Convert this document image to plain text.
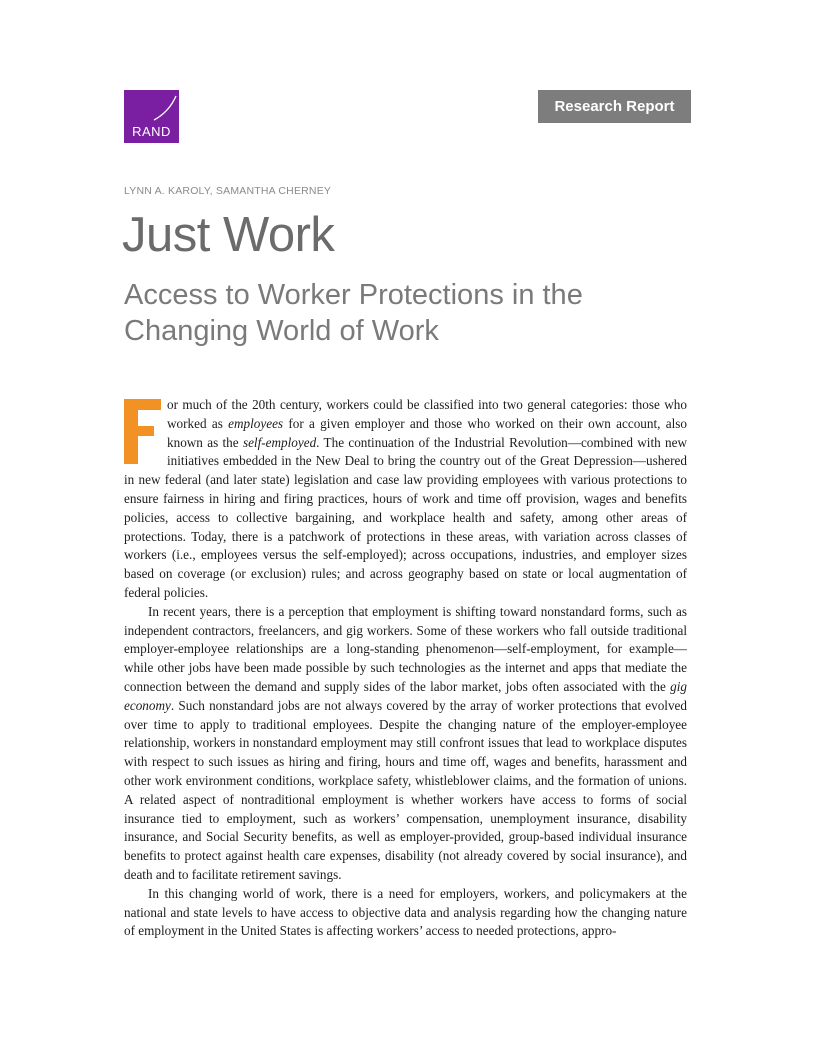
RAND
Research Report
LYNN A. KAROLY, SAMANTHA CHERNEY
Just Work
Access to Worker Protections in the Changing World of Work

or much of the 20th century, workers could be classified into two general categories: those who worked as employees for a given employer and those who worked on their own account, also known as the self-employed. The continuation of the Industrial Revolution—combined with new initiatives embedded in the New Deal to bring the country out of the Great Depression—ushered in new federal (and later state) legislation and case law providing employees with various protections to ensure fairness in hiring and firing practices, hours of work and time off provision, wages and benefits policies, access to collective bargaining, and workplace health and safety, among other areas of protections. Today, there is a patchwork of protections in these areas, with variation across classes of workers (i.e., employees versus the self-employed); across occupations, industries, and employer sizes based on coverage (or exclusion) rules; and across geography based on state or local augmentation of federal policies.

In recent years, there is a perception that employment is shifting toward nonstandard forms, such as independent contractors, freelancers, and gig workers. Some of these workers who fall outside traditional employer-employee relationships are a long-standing phenomenon—self-employment, for example—while other jobs have been made possible by such technologies as the internet and apps that mediate the connection between the demand and supply sides of the labor market, jobs often associated with the gig economy. Such nonstandard jobs are not always covered by the array of worker protections that evolved over time to apply to traditional employees. Despite the changing nature of the employer-employee relationship, workers in nonstandard employment may still confront issues that lead to workplace disputes with respect to such issues as hiring and firing, hours and time off, wages and benefits, harassment and other work environment conditions, workplace safety, whistleblower claims, and the formation of unions. A related aspect of nontraditional employment is whether workers have access to forms of social insurance tied to employment, such as workers’ compensation, unemployment insurance, disability insurance, and Social Security benefits, as well as employer-provided, group-based individual insurance benefits to protect against health care expenses, disability (not already covered by social insurance), and death and to facilitate retirement savings.

In this changing world of work, there is a need for employers, workers, and policymakers at the national and state levels to have access to objective data and analysis regarding how the changing nature of employment in the United States is affecting workers’ access to needed protections, appro-
